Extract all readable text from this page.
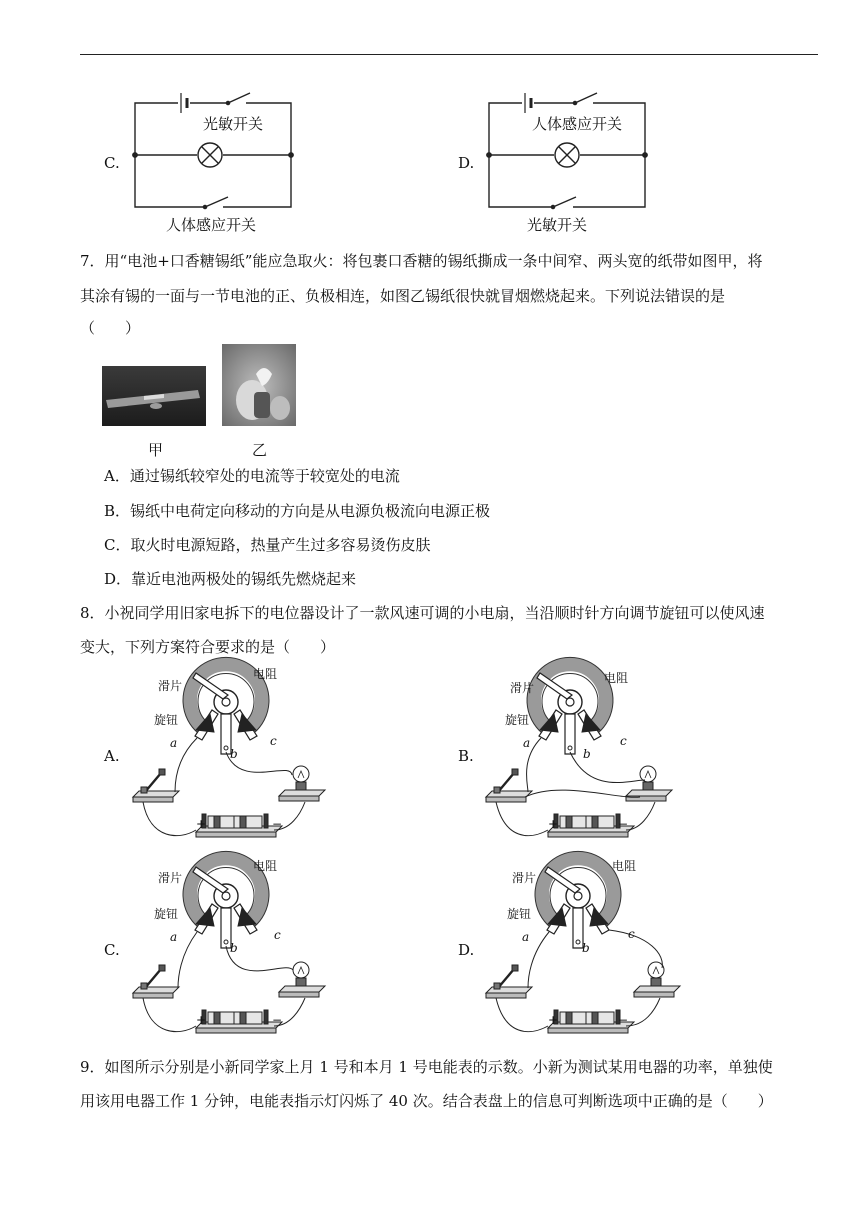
C.
光敏开关
人体感应开关
D.
人体感应开关
光敏开关
7．用“电池+口香糖锡纸”能应急取火：将包裹口香糖的锡纸撕成一条中间窄、两头宽的纸带如图甲，将
其涂有锡的一面与一节电池的正、负极相连，如图乙锡纸很快就冒烟燃烧起来。下列说法错误的是
（　　）
甲	乙
A．通过锡纸较窄处的电流等于较宽处的电流
B．锡纸中电荷定向移动的方向是从电源负极流向电源正极
C．取火时电源短路，热量产生过多容易烫伤皮肤
D．靠近电池两极处的锡纸先燃烧起来
8．小祝同学用旧家电拆下的电位器设计了一款风速可调的小电扇，当沿顺时针方向调节旋钮可以使风速
变大，下列方案符合要求的是（　　）
A.	B.
C.	D.
滑片
旋钮
电阻
a
b
c
+	−
滑片
旋钮
电阻
a
b
c
+	−
滑片
旋钮
电阻
a
b
c
+	−
滑片
旋钮
电阻
a
b
c
+	−
9．如图所示分别是小新同学家上月 1 号和本月 1 号电能表的示数。小新为测试某用电器的功率，单独使
用该用电器工作 1 分钟，电能表指示灯闪烁了 40 次。结合表盘上的信息可判断选项中正确的是（　　）
